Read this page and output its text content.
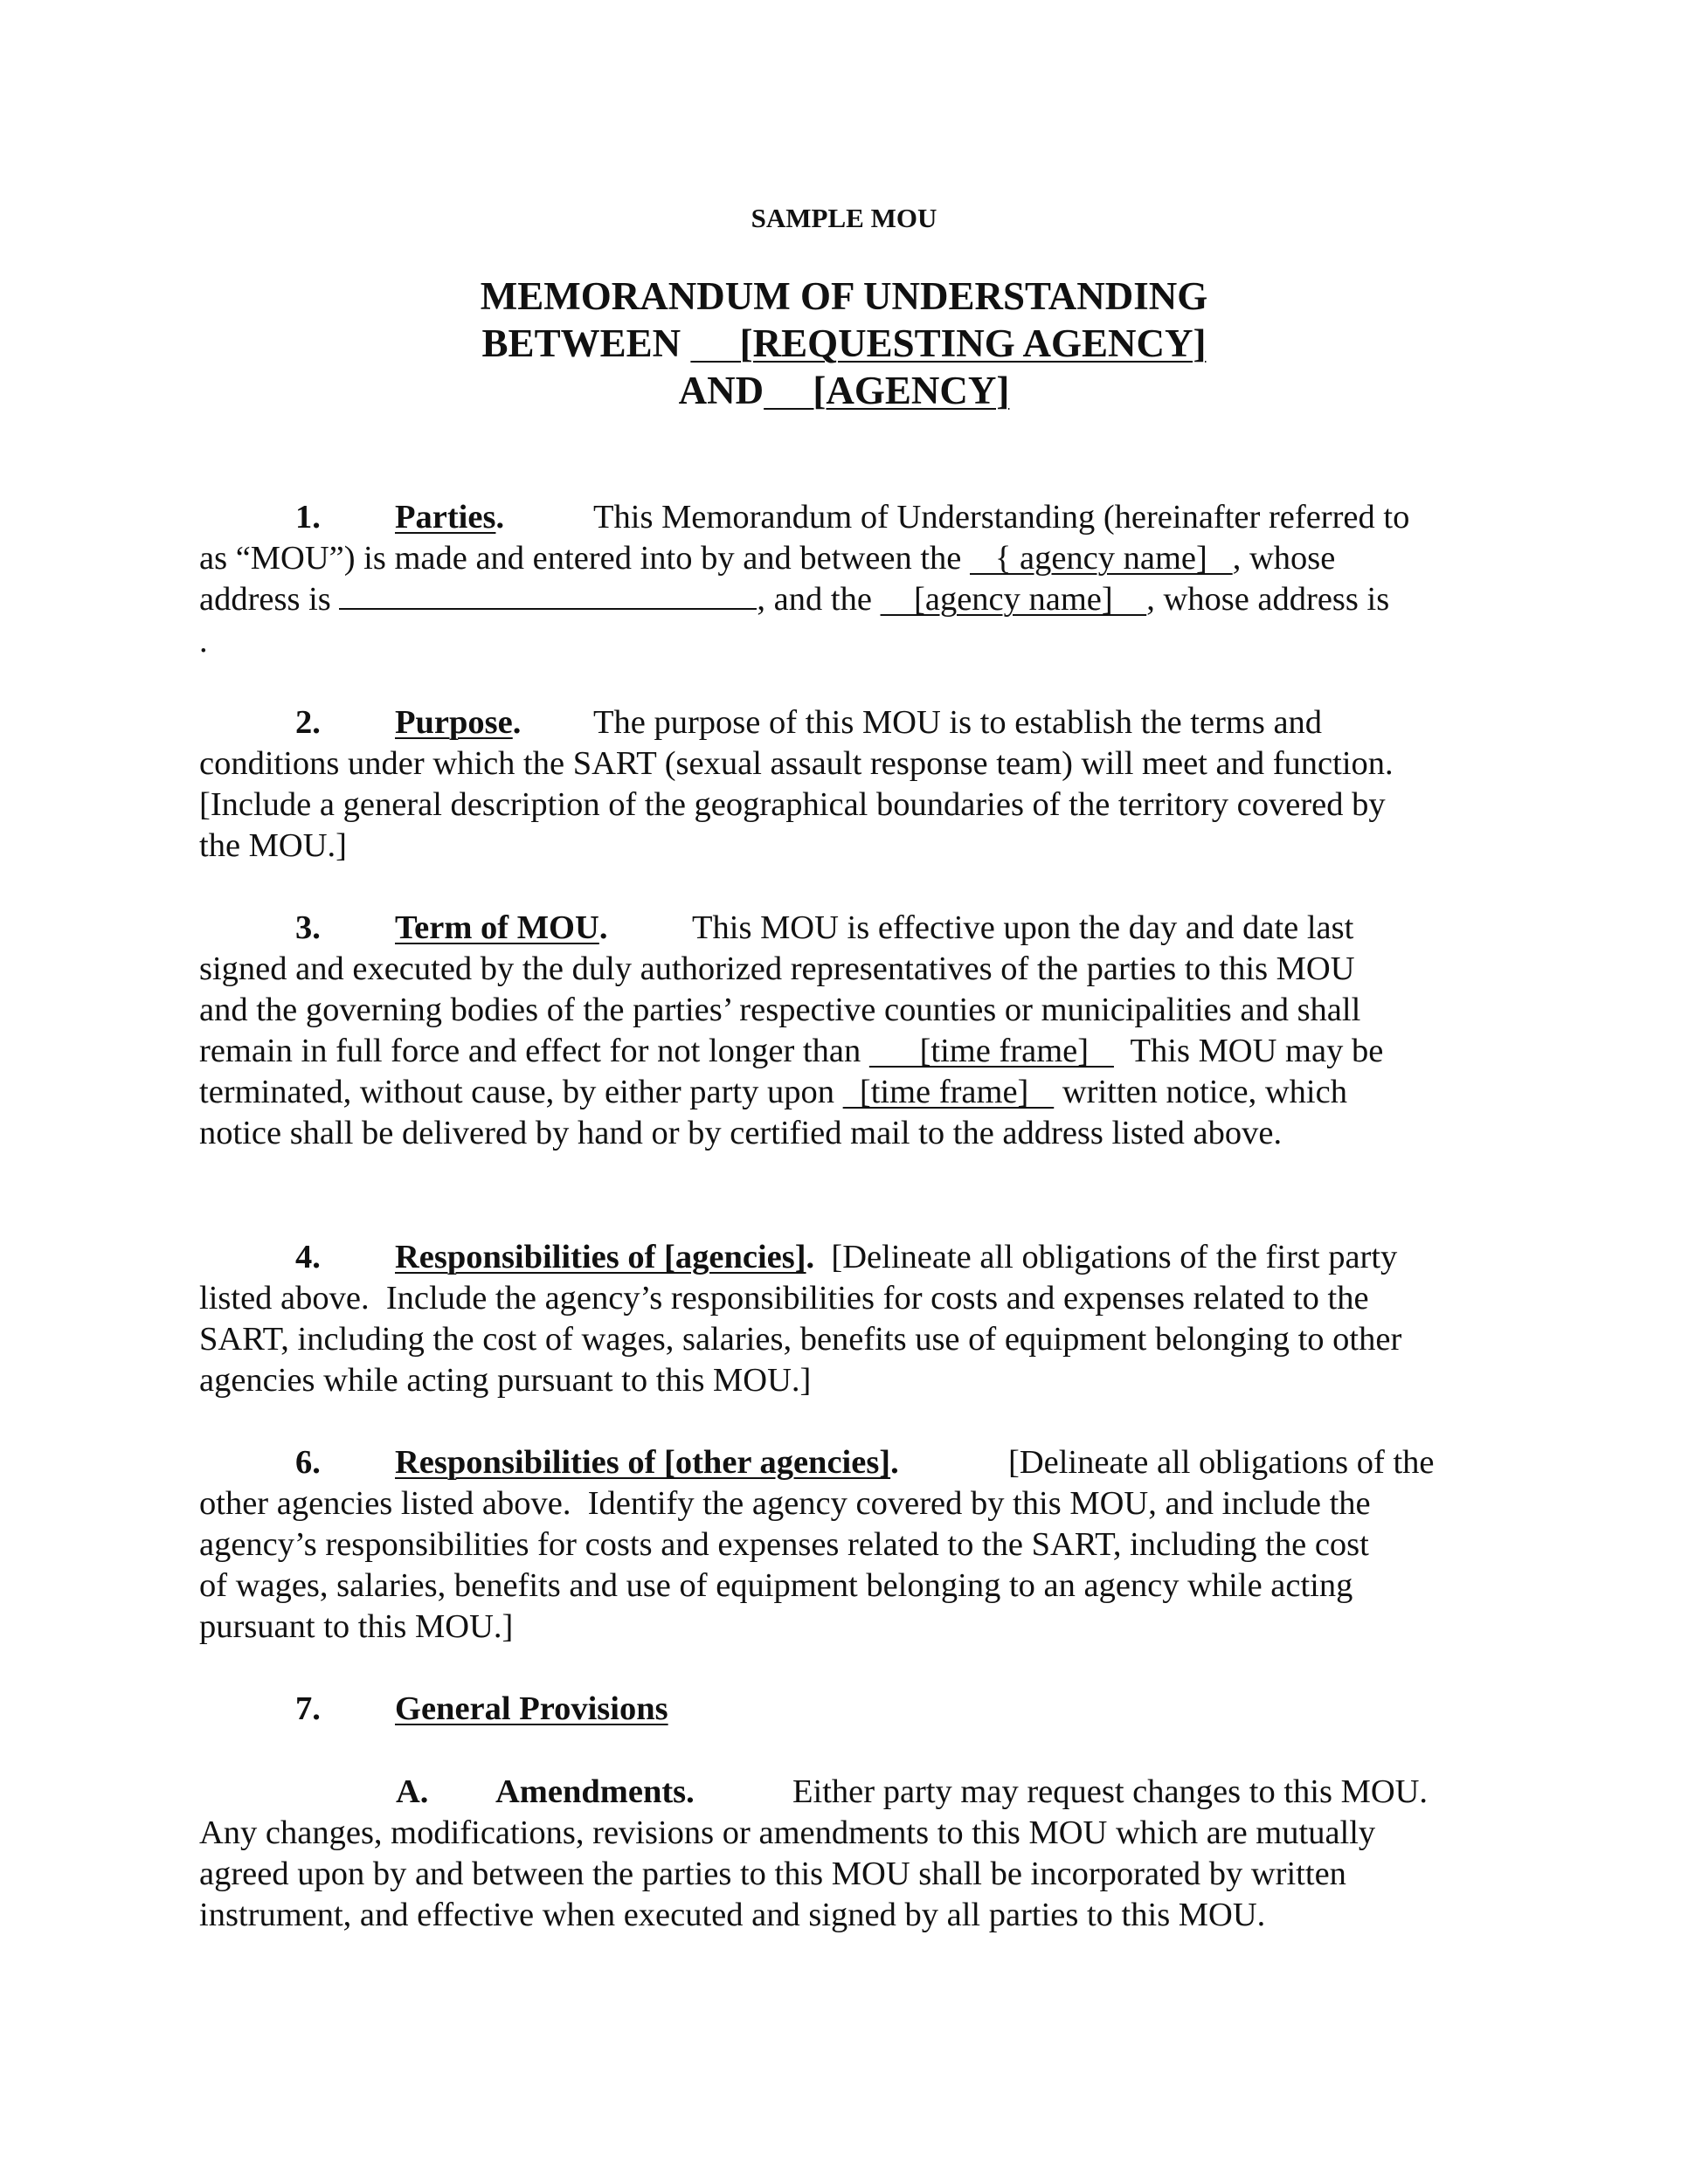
SAMPLE MOU
MEMORANDUM OF UNDERSTANDING
BETWEEN      [REQUESTING AGENCY]
AND     [AGENCY]
1. Parties.	This Memorandum of Understanding (hereinafter referred to
as “MOU”) is made and entered into by and between the    { agency name]   , whose
address is	, and the     [agency name]    , whose address is
.
2. Purpose. The purpose of this MOU is to establish the terms and
conditions under which the SART (sexual assault response team) will meet and function.
[Include a general description of the geographical boundaries of the territory covered by
the MOU.]
3. Term of MOU.	This MOU is effective upon the day and date last
signed and executed by the duly authorized representatives of the parties to this MOU
and the governing bodies of the parties’ respective counties or municipalities and shall
remain in full force and effect for not longer than       [time frame]     This MOU may be
terminated, without cause, by either party upon   [time frame]    written notice, which
notice shall be delivered by hand or by certified mail to the address listed above.
4. Responsibilities of [agencies]. [Delineate all obligations of the first party
listed above.  Include the agency’s responsibilities for costs and expenses related to the
SART, including the cost of wages, salaries, benefits use of equipment belonging to other
agencies while acting pursuant to this MOU.]
6. Responsibilities of [other agencies].	[Delineate all obligations of the
other agencies listed above.  Identify the agency covered by this MOU, and include the
agency’s responsibilities for costs and expenses related to the SART, including the cost
of wages, salaries, benefits and use of equipment belonging to an agency while acting
pursuant to this MOU.]
7. General Provisions
A. Amendments.	Either party may request changes to this MOU.
Any changes, modifications, revisions or amendments to this MOU which are mutually
agreed upon by and between the parties to this MOU shall be incorporated by written
instrument, and effective when executed and signed by all parties to this MOU.
